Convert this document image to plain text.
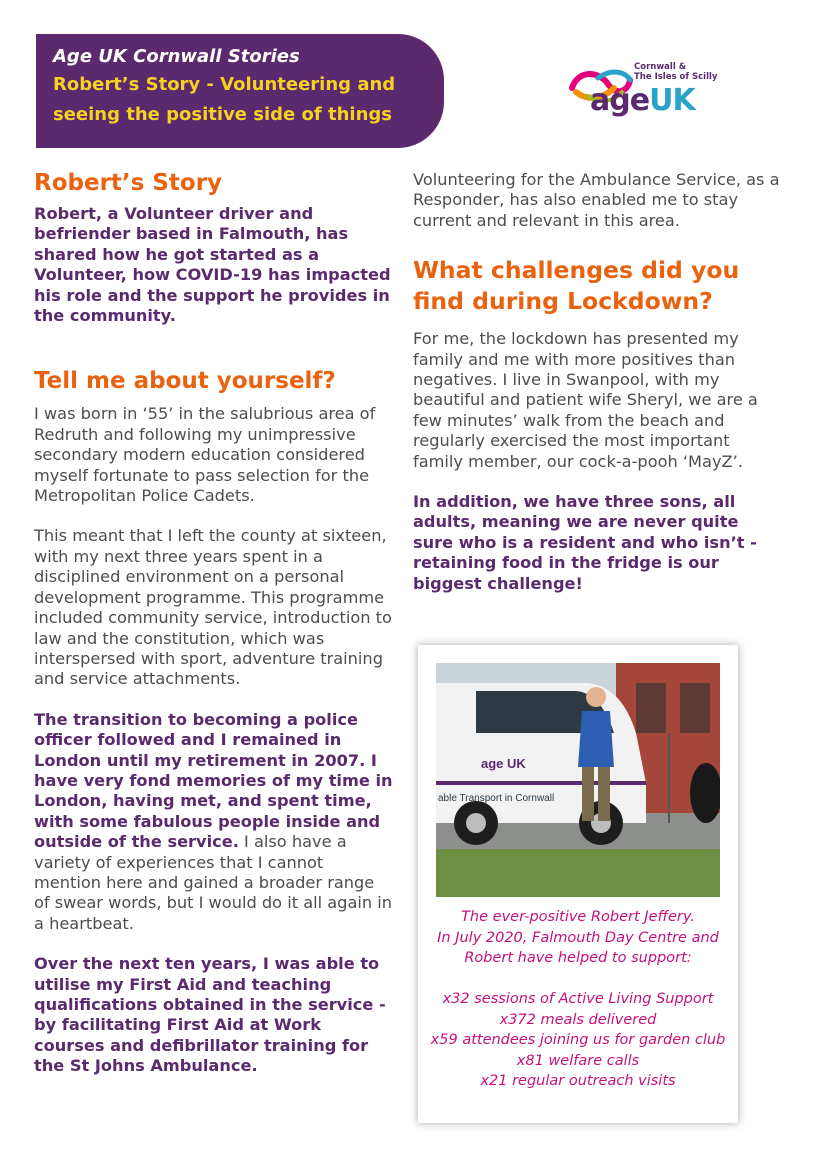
Age UK Cornwall Stories
Robert’s Story - Volunteering and
seeing the positive side of things
Cornwall &
The Isles of Scilly
ageUK
Robert’s Story

Robert, a Volunteer driver and befriender based in Falmouth, has shared how he got started as a Volunteer, how COVID-19 has impacted his role and the support he provides in the community.

Tell me about yourself?

I was born in ‘55’ in the salubrious area of Redruth and following my unimpressive secondary modern education considered myself fortunate to pass selection for the Metropolitan Police Cadets.

This meant that I left the county at sixteen, with my next three years spent in a disciplined environment on a personal development programme. This programme included community service, introduction to law and the constitution, which was interspersed with sport, adventure training and service attachments.

The transition to becoming a police officer followed and I remained in London until my retirement in 2007. I have very fond memories of my time in London, having met, and spent time, with some fabulous people inside and outside of the service. I also have a variety of experiences that I cannot mention here and gained a broader range of swear words, but I would do it all again in a heartbeat.

Over the next ten years, I was able to utilise my First Aid and teaching qualifications obtained in the service - by facilitating First Aid at Work courses and defibrillator training for the St Johns Ambulance.

Volunteering for the Ambulance Service, as a Responder, has also enabled me to stay current and relevant in this area.

What challenges did you find during Lockdown?

For me, the lockdown has presented my family and me with more positives than negatives. I live in Swanpool, with my beautiful and patient wife Sheryl, we are a few minutes’ walk from the beach and regularly exercised the most important family member, our cock-a-pooh ‘MayZ’.

In addition, we have three sons, all adults, meaning we are never quite sure who is a resident and who isn’t - retaining food in the fridge is our biggest challenge!

age UK
able Transport in Cornwall
The ever-positive Robert Jeffery.
In July 2020, Falmouth Day Centre and
Robert have helped to support:
x32 sessions of Active Living Support
x372 meals delivered
x59 attendees joining us for garden club
x81 welfare calls
x21 regular outreach visits
